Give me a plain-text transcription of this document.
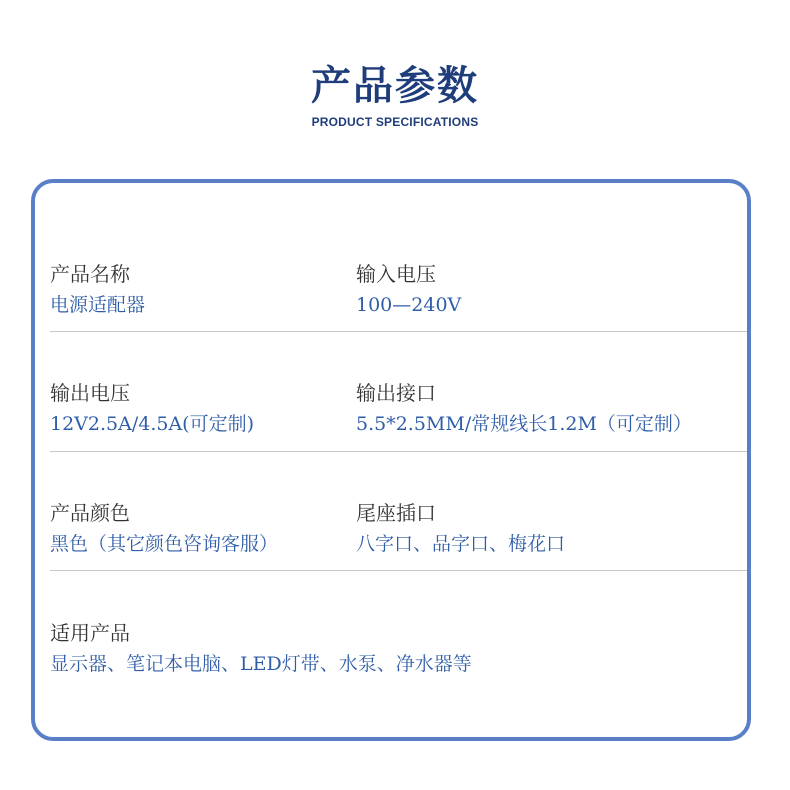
产品参数
PRODUCT SPECIFICATIONS
产品名称
电源适配器
输入电压
100—240V
输出电压
12V2.5A/4.5A(可定制)
输出接口
5.5*2.5MM/常规线长1.2M（可定制）
产品颜色
黑色（其它颜色咨询客服）
尾座插口
八字口、品字口、梅花口
适用产品
显示器、笔记本电脑、LED灯带、水泵、净水器等
